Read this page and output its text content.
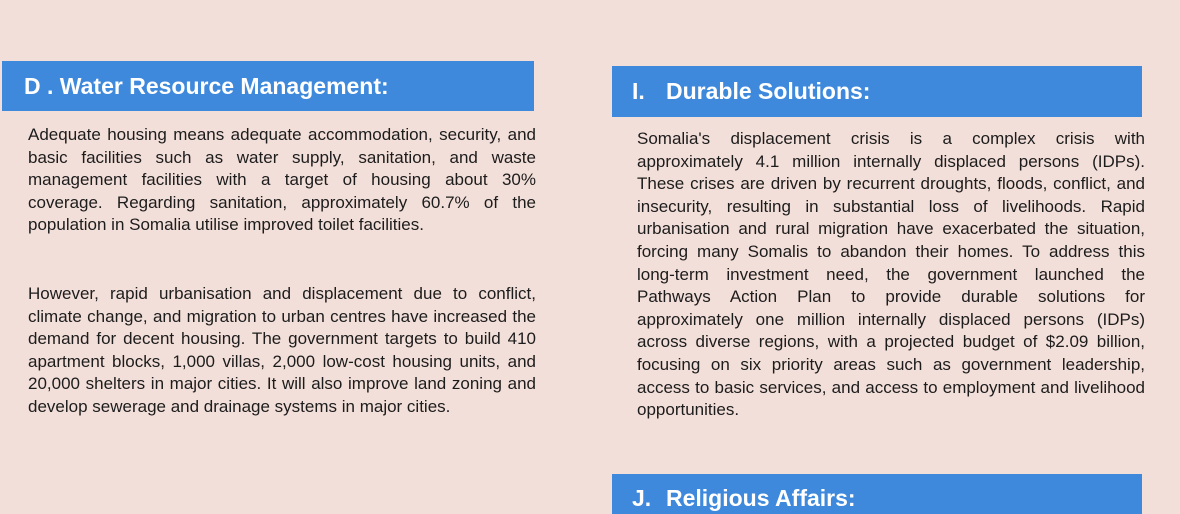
D . Water Resource Management:

Adequate housing means adequate accommodation, security, and basic facilities such as water supply, sanitation, and waste management facilities with a target of housing about 30% coverage. Regarding sanitation, approximately 60.7% of the population in Somalia utilise improved toilet facilities.

However, rapid urbanisation and displacement due to conflict, climate change, and migration to urban centres have increased the demand for decent housing. The government targets to build 410 apartment blocks, 1,000 villas, 2,000 low-cost housing units, and 20,000 shelters in major cities. It will also improve land zoning and develop sewerage and drainage systems in major cities.

I. Durable Solutions:

Somalia's displacement crisis is a complex crisis with approximately 4.1 million internally displaced persons (IDPs). These crises are driven by recurrent droughts, floods, conflict, and insecurity, resulting in substantial loss of livelihoods. Rapid urbanisation and rural migration have exacerbated the situation, forcing many Somalis to abandon their homes. To address this long-term investment need, the government launched the Pathways Action Plan to provide durable solutions for approximately one million internally displaced persons (IDPs) across diverse regions, with a projected budget of $2.09 billion, focusing on six priority areas such as government leadership, access to basic services, and access to employment and livelihood opportunities.

J. Religious Affairs:
